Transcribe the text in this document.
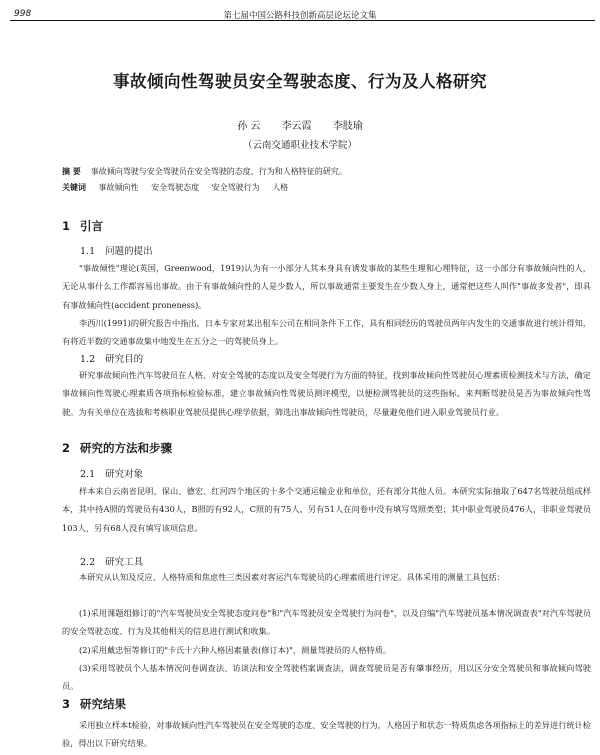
998	第七届中国公路科技创新高层论坛论文集
事故倾向性驾驶员安全驾驶态度、行为及人格研究
孙 云 李云霞 李肢瑜
（云南交通职业技术学院）
摘 要 事故倾向驾驶与安全驾驶员在安全驾驶的态度、行为和人格特征的研究。
关键词 事故倾向性 安全驾驶态度 安全驾驶行为 人格
1 引言
1.1 问题的提出
"事故倾性"理论(英国，Greenwood，1919)认为有一小部分人其本身具有诱发事故的某些生理和心理特征，这一小部分有事故倾向性的人，无论从事什么工作都容易出事故。由于有事故倾向性的人是少数人，所以事故通常主要发生在少数人身上，通常把这些人叫作"事故多发者"，即具有事故倾向性(accident proneness)。
李西川(1991)的研究报告中指出，日本专家对某出租车公司在相同条件下工作，具有相同经历的驾驶员两年内发生的交通事故进行统计得知，有将近半数的交通事故集中地发生在五分之一的驾驶员身上。
1.2 研究目的
研究事故倾向性汽车驾驶员在人格、对安全驾驶的态度以及安全驾驶行为方面的特征，找到事故倾向性驾驶员心理素质检测技术与方法，确定事故倾向性驾驶心理素质各项指标检验标准，建立事故倾向性驾驶员测评模型，以便检测驾驶员的这些指标，来判断驾驶员是否为事故倾向性驾驶。为有关单位在选拔和考核职业驾驶员提供心理学依据，筛选出事故倾向性驾驶员，尽量避免他们进入职业驾驶员行业。
2 研究的方法和步骤
2.1 研究对象
样本来自云南省昆明、保山、德宏、红河四个地区的十多个交通运输企业和单位，还有部分其他人员。本研究实际抽取了647名驾驶员组成样本，其中持A照的驾驶员有430人，B照的有92人，C照的有75人，另有51人在问卷中没有填写驾照类型；其中职业驾驶员476人，非职业驾驶员103人，另有68人没有填写该项信息。
2.2 研究工具
本研究从认知及反应、人格特质和焦虑性三类因素对客运汽车驾驶员的心理素质进行评定。具体采用的测量工具包括：
(1)采用课题组修订的"汽车驾驶员安全驾驶态度问卷"和"汽车驾驶员安全驾驶行为问卷"，以及自编"汽车驾驶员基本情况调查表"对汽车驾驶员的安全驾驶态度、行为及其他相关的信息进行测试和收集。
(2)采用戴忠恒等修订的"卡氏十六种人格因素量表(修订本)"，测量驾驶员的人格特质。
(3)采用驾驶员个人基本情况问卷调查法、访谈法和安全驾驶档案调查法，调查驾驶员是否有肇事经历，用以区分安全驾驶员和事故倾向驾驶员。
3 研究结果
采用独立样本t检验，对事故倾向性汽车驾驶员在安全驾驶的态度、安全驾驶的行为，人格因子和状态一特质焦虑各项指标上的差异进行统计检验，得出以下研究结果。
